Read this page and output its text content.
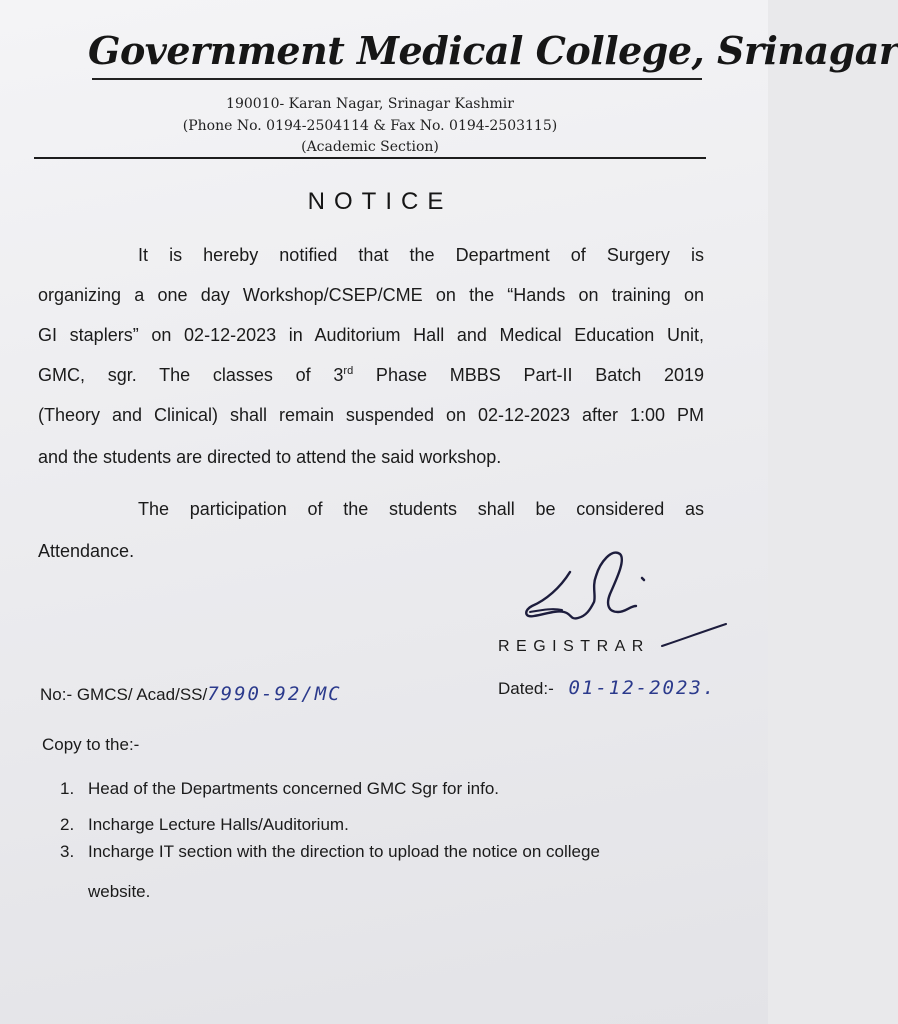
Government Medical College, Srinagar
190010- Karan Nagar, Srinagar Kashmir
(Phone No. 0194-2504114 & Fax No. 0194-2503115)
(Academic Section)
NOTICE
It is hereby notified that the Department of Surgery is
organizing a one day Workshop/CSEP/CME on the “Hands on training on
GI staplers” on 02-12-2023 in Auditorium Hall and Medical Education Unit,
GMC, sgr. The classes of 3rd Phase MBBS Part-II Batch 2019
(Theory and Clinical) shall remain suspended on 02-12-2023 after 1:00 PM
and the students are directed to attend the said workshop.
The participation of the students shall be considered as
Attendance.
REGISTRAR
No:- GMCS/ Acad/SS/7990-92/MC	Dated:- 01-12-2023.
Copy to the:-
1. Head of the Departments concerned GMC Sgr for info.
2. Incharge Lecture Halls/Auditorium.
3. Incharge IT section with the direction to upload the notice on college
website.
